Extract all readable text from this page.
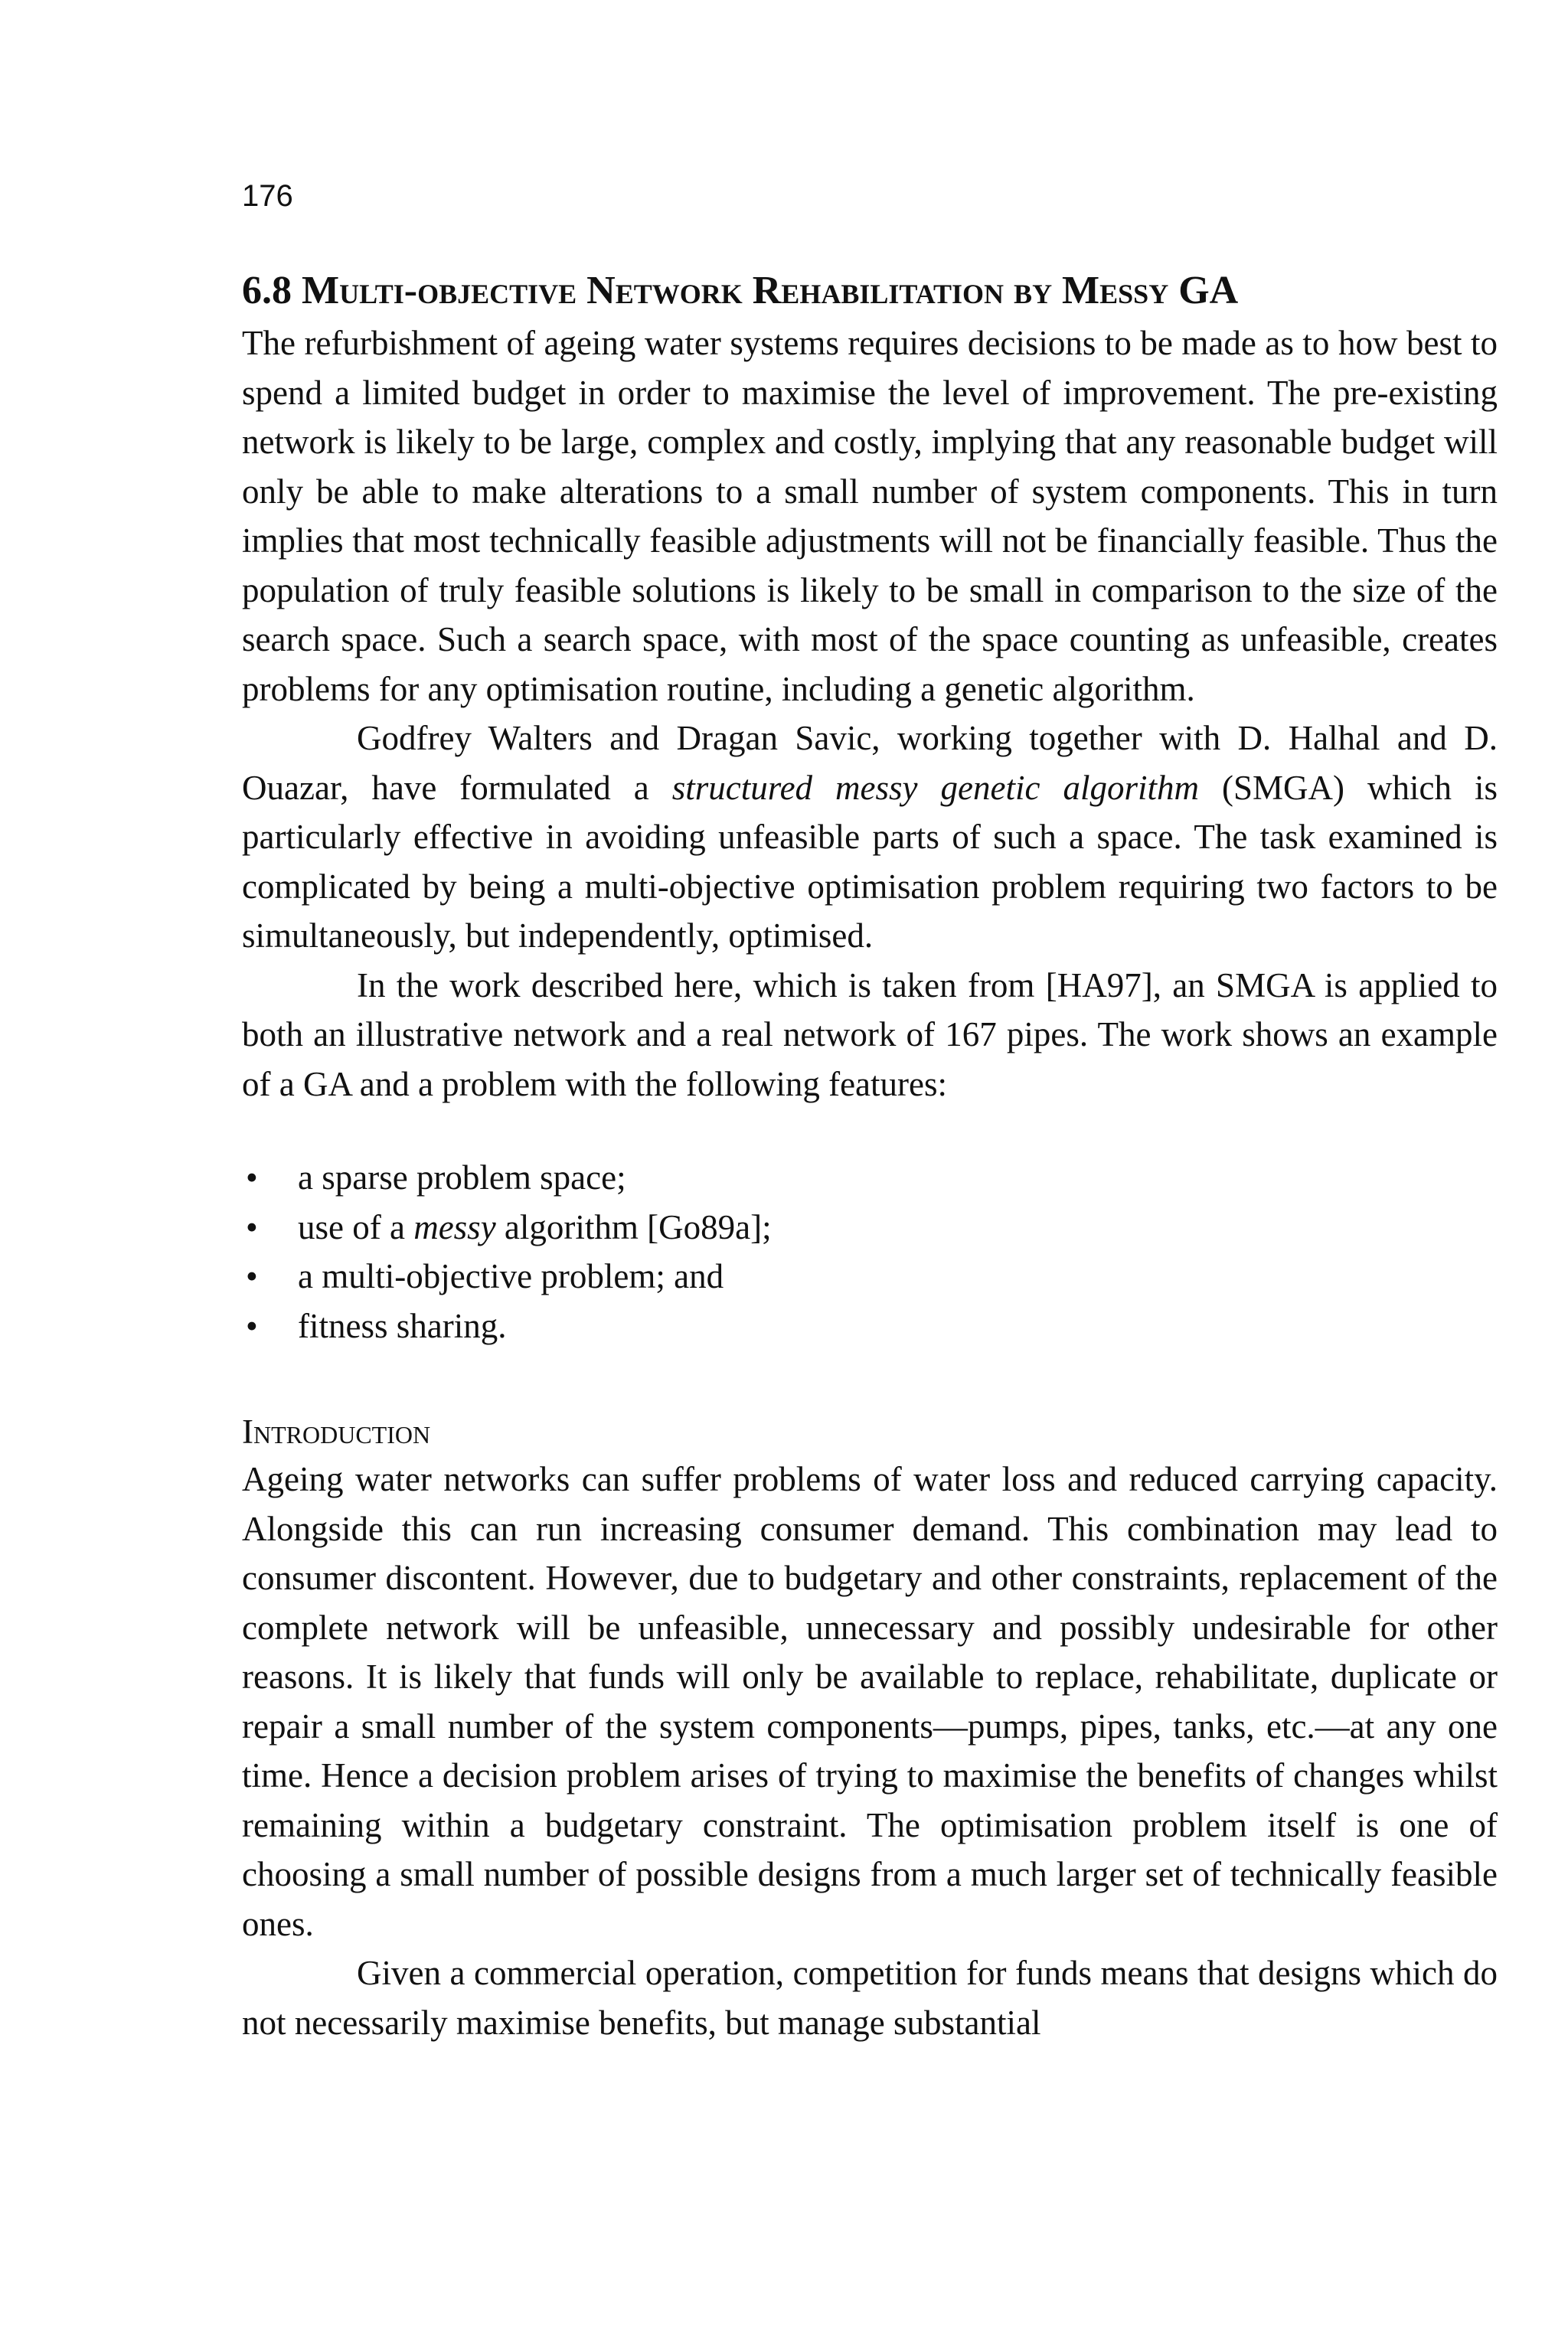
176
6.8 Multi-objective Network Rehabilitation by Messy GA

The refurbishment of ageing water systems requires decisions to be made as to how best to spend a limited budget in order to maximise the level of improvement. The pre-existing network is likely to be large, complex and costly, implying that any reasonable budget will only be able to make alterations to a small number of system components. This in turn implies that most technically feasible adjustments will not be financially feasible. Thus the population of truly feasible solutions is likely to be small in comparison to the size of the search space. Such a search space, with most of the space counting as unfeasible, creates problems for any optimisation routine, including a genetic algorithm.

Godfrey Walters and Dragan Savic, working together with D. Halhal and D. Ouazar, have formulated a structured messy genetic algorithm (SMGA) which is particularly effective in avoiding unfeasible parts of such a space. The task examined is complicated by being a multi-objective optimisation problem requiring two factors to be simultaneously, but independently, optimised.

In the work described here, which is taken from [HA97], an SMGA is applied to both an illustrative network and a real network of 167 pipes. The work shows an example of a GA and a problem with the following features:

• a sparse problem space;
• use of a messy algorithm [Go89a];
• a multi-objective problem; and
• fitness sharing.
Introduction

Ageing water networks can suffer problems of water loss and reduced carrying capacity. Alongside this can run increasing consumer demand. This combination may lead to consumer discontent. However, due to budgetary and other constraints, replacement of the complete network will be unfeasible, unnecessary and possibly undesirable for other reasons. It is likely that funds will only be available to replace, rehabilitate, duplicate or repair a small number of the system components—pumps, pipes, tanks, etc.—at any one time. Hence a decision problem arises of trying to maximise the benefits of changes whilst remaining within a budgetary constraint. The optimisation problem itself is one of choosing a small number of possible designs from a much larger set of technically feasible ones.

Given a commercial operation, competition for funds means that designs which do not necessarily maximise benefits, but manage substantial
